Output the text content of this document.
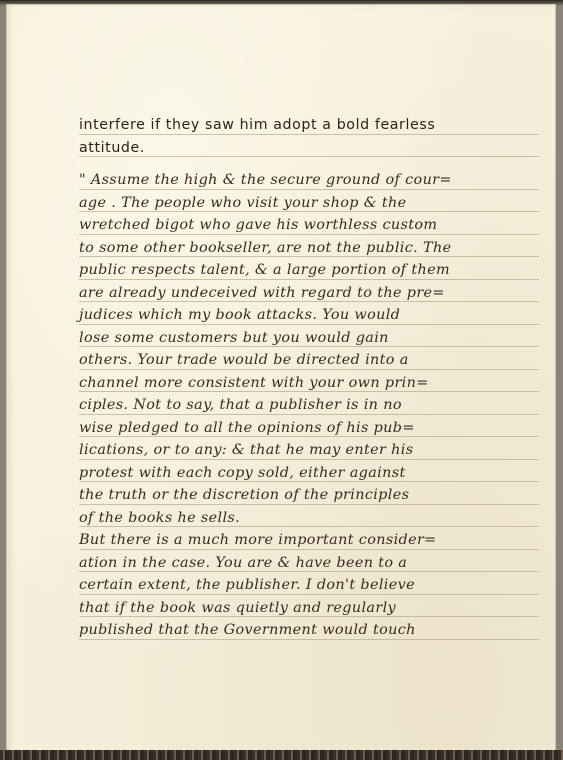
interfere if they saw him adopt a bold fearless
attitude.
" Assume the high & the secure ground of cour=
age . The people who visit your shop & the
wretched bigot who gave his worthless custom
to some other bookseller, are not the public. The
public respects talent, & a large portion of them
are already undeceived with regard to the pre=
judices which my book attacks. You would
lose some customers but you would gain
others. Your trade would be directed into a
channel more consistent with your own prin=
ciples. Not to say, that a publisher is in no
wise pledged to all the opinions of his pub=
lications, or to any: & that he may enter his
protest with each copy sold, either against
the truth or the discretion of the principles
of the books he sells.
But there is a much more important consider=
ation in the case. You are & have been to a
certain extent, the publisher. I don't believe
that if the book was quietly and regularly
published that the Government would touch
